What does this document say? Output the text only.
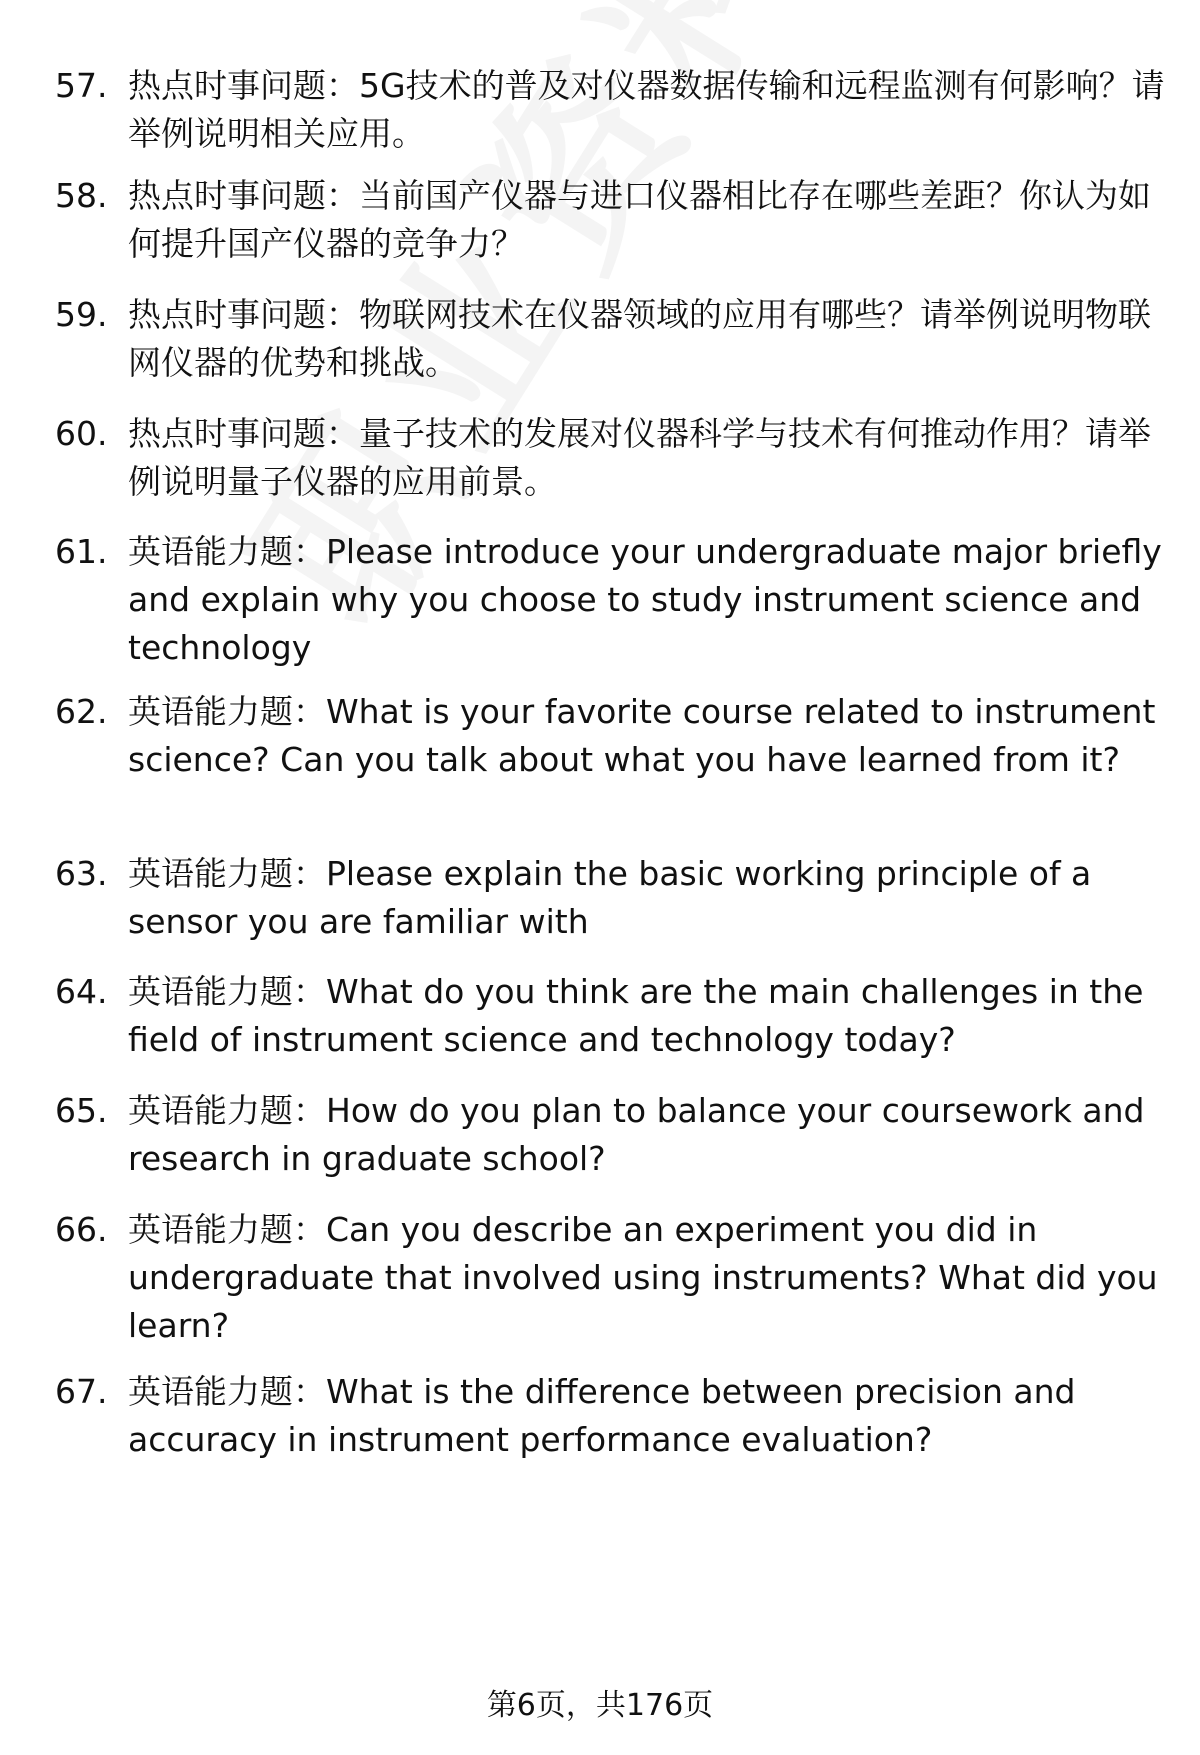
57. 热点时事问题：5G技术的普及对仪器数据传输和远程监测有何影响？请举例说明相关应用。
58. 热点时事问题：当前国产仪器与进口仪器相比存在哪些差距？你认为如何提升国产仪器的竞争力？
59. 热点时事问题：物联网技术在仪器领域的应用有哪些？请举例说明物联网仪器的优势和挑战。
60. 热点时事问题：量子技术的发展对仪器科学与技术有何推动作用？请举例说明量子仪器的应用前景。
61. 英语能力题：Please introduce your undergraduate major briefly and explain why you choose to study instrument science and technology
62. 英语能力题：What is your favorite course related to instrument science? Can you talk about what you have learned from it?
63. 英语能力题：Please explain the basic working principle of a sensor you are familiar with
64. 英语能力题：What do you think are the main challenges in the field of instrument science and technology today?
65. 英语能力题：How do you plan to balance your coursework and research in graduate school?
66. 英语能力题：Can you describe an experiment you did in undergraduate that involved using instruments? What did you learn?
67. 英语能力题：What is the difference between precision and accuracy in instrument performance evaluation?
第6页，共176页
